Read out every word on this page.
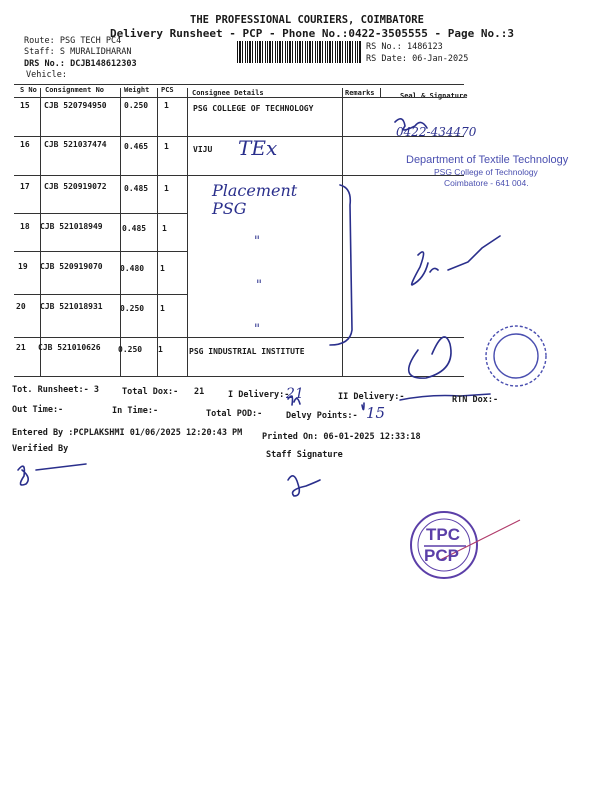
THE PROFESSIONAL COURIERS, COIMBATORE
Delivery Runsheet - PCP - Phone No.:0422-3505555 - Page No.:3
Route: PSG TECH PC4
Staff: S MURALIDHARAN
DRS No.: DCJB148612303
Vehicle:
RS No.: 1486123
RS Date: 06-Jan-2025
S No Consignment No	Weight PCS	Consignee Details	Remarks	Seal & Signature
15 CJB 520794950 0.250 1	PSG COLLEGE OF TECHNOLOGY
16 CJB 521037474 0.465 1	VIJU TEx
17 CJB 520919072 0.485 1	Placement PSG
18 CJB 521018949 0.485 1
"
19 CJB 520919070 0.480 1
"
20 CJB 521018931 0.250 1
"
21 CJB 521010626 0.250 1	PSG INDUSTRIAL INSTITUTE
Department of Textile Technology
PSG College of Technology
Coimbatore - 641 004.
0422-434470
Tot. Runsheet:- 3	Total Dox:- 21	I Delivery:-
21	II Delivery:-	RTN Dox:-
Out Time:-	In Time:-	Total POD:-	Delvy Points:- 15
Entered By :PCPLAKSHMI 01/06/2025 12:20:43 PM Printed On: 06-01-2025 12:33:18
Verified By
Staff Signature
TPC
PCP
